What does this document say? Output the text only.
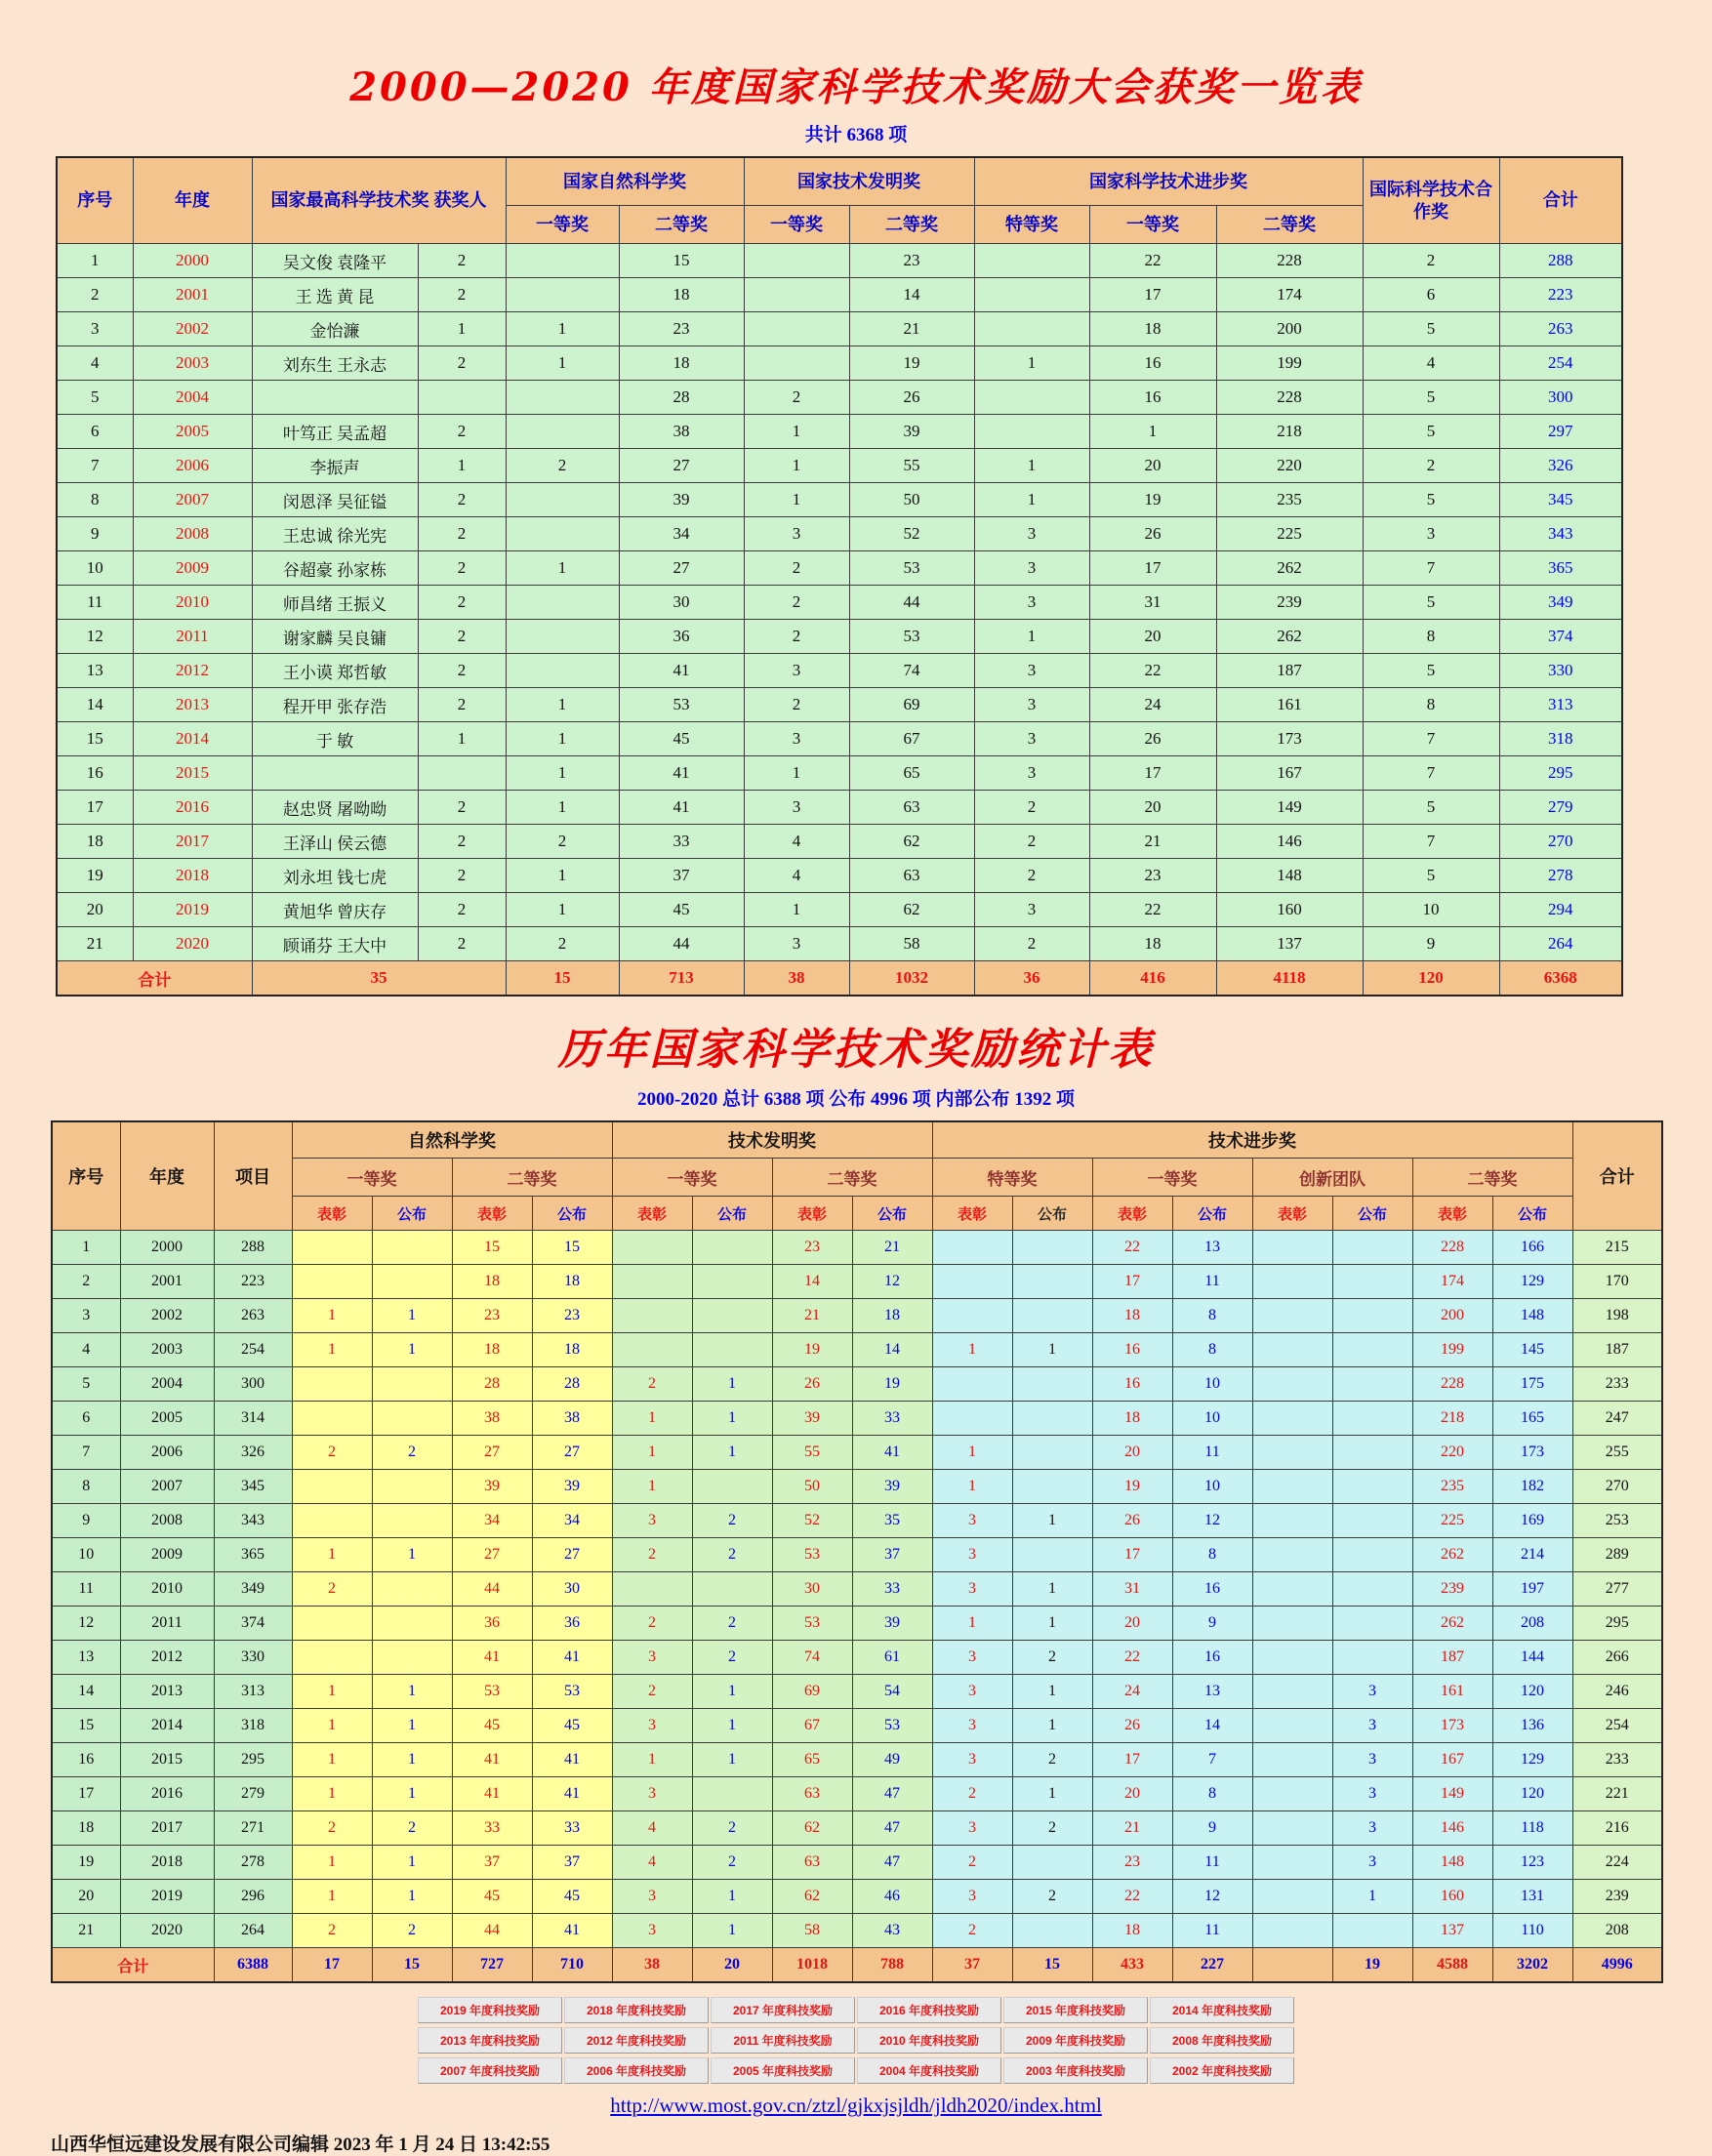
2000—2020 年度国家科学技术奖励大会获奖一览表
共计 6368 项
序号	年度	国家最高科学技术奖 获奖人		国家自然科学奖		国家技术发明奖		国家科学技术进步奖			国际科学技术合作奖	合计
				一等奖	二等奖	一等奖	二等奖	特等奖	一等奖	二等奖		
1	2000	吴文俊 袁隆平	2		15		23		22	228	2	288
2	2001	王 选 黄 昆	2		18		14		17	174	6	223
3	2002	金怡濂	1	1	23		21		18	200	5	263
4	2003	刘东生 王永志	2	1	18		19	1	16	199	4	254
5	2004				28	2	26		16	228	5	300
6	2005	叶笃正 吴孟超	2		38	1	39		1	218	5	297
7	2006	李振声	1	2	27	1	55	1	20	220	2	326
8	2007	闵恩泽 吴征镒	2		39	1	50	1	19	235	5	345
9	2008	王忠诚 徐光宪	2		34	3	52	3	26	225	3	343
10	2009	谷超豪 孙家栋	2	1	27	2	53	3	17	262	7	365
11	2010	师昌绪 王振义	2		30	2	44	3	31	239	5	349
12	2011	谢家麟 吴良镛	2		36	2	53	1	20	262	8	374
13	2012	王小谟 郑哲敏	2		41	3	74	3	22	187	5	330
14	2013	程开甲 张存浩	2	1	53	2	69	3	24	161	8	313
15	2014	于 敏	1	1	45	3	67	3	26	173	7	318
16	2015			1	41	1	65	3	17	167	7	295
17	2016	赵忠贤 屠呦呦	2	1	41	3	63	2	20	149	5	279
18	2017	王泽山 侯云德	2	2	33	4	62	2	21	146	7	270
19	2018	刘永坦 钱七虎	2	1	37	4	63	2	23	148	5	278
20	2019	黄旭华 曾庆存	2	1	45	1	62	3	22	160	10	294
21	2020	顾诵芬 王大中	2	2	44	3	58	2	18	137	9	264
合计		35		15	713	38	1032	36	416	4118	120	6368
历年国家科学技术奖励统计表
2000-2020 总计 6388 项 公布 4996 项 内部公布 1392 项
序号	年度	项目	自然科学奖				技术发明奖				技术进步奖								合计
			一等奖		二等奖		一等奖		二等奖		特等奖		一等奖		创新团队		二等奖		
			表彰	公布	表彰	公布	表彰	公布	表彰	公布	表彰	公布	表彰	公布	表彰	公布	表彰	公布	
1	2000	288			15	15			23	21			22	13			228	166	215
2	2001	223			18	18			14	12			17	11			174	129	170
3	2002	263	1	1	23	23			21	18			18	8			200	148	198
4	2003	254	1	1	18	18			19	14	1	1	16	8			199	145	187
5	2004	300			28	28	2	1	26	19			16	10			228	175	233
6	2005	314			38	38	1	1	39	33			18	10			218	165	247
7	2006	326	2	2	27	27	1	1	55	41	1		20	11			220	173	255
8	2007	345			39	39	1		50	39	1		19	10			235	182	270
9	2008	343			34	34	3	2	52	35	3	1	26	12			225	169	253
10	2009	365	1	1	27	27	2	2	53	37	3		17	8			262	214	289
11	2010	349	2		44	30			30	33	3	1	31	16			239	197	277
12	2011	374			36	36	2	2	53	39	1	1	20	9			262	208	295
13	2012	330			41	41	3	2	74	61	3	2	22	16			187	144	266
14	2013	313	1	1	53	53	2	1	69	54	3	1	24	13		3	161	120	246
15	2014	318	1	1	45	45	3	1	67	53	3	1	26	14		3	173	136	254
16	2015	295	1	1	41	41	1	1	65	49	3	2	17	7		3	167	129	233
17	2016	279	1	1	41	41	3		63	47	2	1	20	8		3	149	120	221
18	2017	271	2	2	33	33	4	2	62	47	3	2	21	9		3	146	118	216
19	2018	278	1	1	37	37	4	2	63	47	2		23	11		3	148	123	224
20	2019	296	1	1	45	45	3	1	62	46	3	2	22	12		1	160	131	239
21	2020	264	2	2	44	41	3	1	58	43	2		18	11			137	110	208
合计		6388	17	15	727	710	38	20	1018	788	37	15	433	227		19	4588	3202	4996
2019 年度科技奖励	2018 年度科技奖励	2017 年度科技奖励	2016 年度科技奖励	2015 年度科技奖励	2014 年度科技奖励
2013 年度科技奖励	2012 年度科技奖励	2011 年度科技奖励	2010 年度科技奖励	2009 年度科技奖励	2008 年度科技奖励
2007 年度科技奖励	2006 年度科技奖励	2005 年度科技奖励	2004 年度科技奖励	2003 年度科技奖励	2002 年度科技奖励
http://www.most.gov.cn/ztzl/gjkxjsjldh/jldh2020/index.html
山西华恒远建设发展有限公司编辑 2023 年 1 月 24 日 13:42:55
